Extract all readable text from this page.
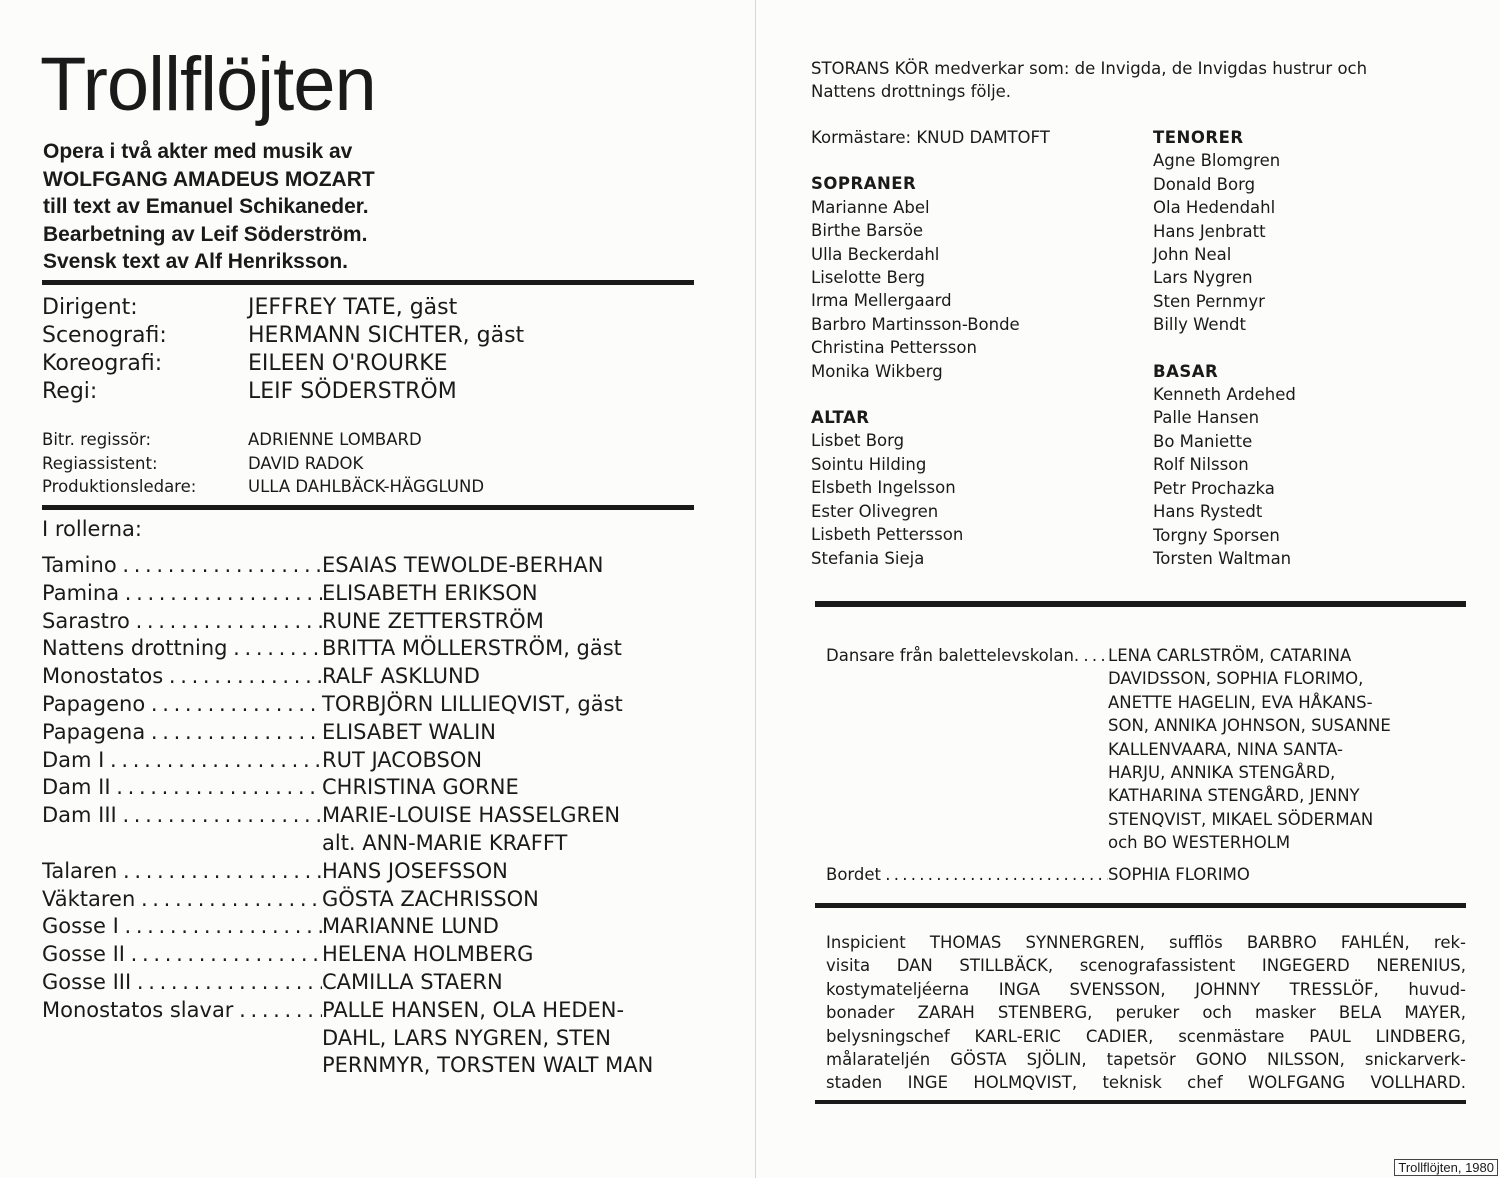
Trollflöjten
Opera i två akter med musik av
WOLFGANG AMADEUS MOZART
till text av Emanuel Schikaneder.
Bearbetning av Leif Söderström.
Svensk text av Alf Henriksson.
Dirigent:	JEFFREY TATE, gäst
Scenografi:	HERMANN SICHTER, gäst
Koreografi:	EILEEN O'ROURKE
Regi:	LEIF SÖDERSTRÖM
Bitr. regissör:	ADRIENNE LOMBARD
Regiassistent:	DAVID RADOK
Produktionsledare:	ULLA DAHLBÄCK-HÄGGLUND
I rollerna:
Tamino . . .	ESAIAS TEWOLDE-BERHAN
Pamina . . .	ELISABETH ERIKSON
Sarastro . . .	RUNE ZETTERSTRÖM
Nattens drottning . . .	BRITTA MÖLLERSTRÖM, gäst
Monostatos . . .	RALF ASKLUND
Papageno . . .	TORBJÖRN LILLIEQVIST, gäst
Papagena . . .	ELISABET WALIN
Dam I . . .	RUT JACOBSON
Dam II . . .	CHRISTINA GORNE
Dam III . . .	MARIE-LOUISE HASSELGREN
alt. ANN-MARIE KRAFFT
Talaren . . .	HANS JOSEFSSON
Väktaren . . .	GÖSTA ZACHRISSON
Gosse I . . .	MARIANNE LUND
Gosse II . . .	HELENA HOLMBERG
Gosse III . . .	CAMILLA STAERN
Monostatos slavar . . .	PALLE HANSEN, OLA HEDEN-
DAHL, LARS NYGREN, STEN
PERNMYR, TORSTEN WALT MAN
STORANS KÖR medverkar som: de Invigda, de Invigdas hustrur och
Nattens drottnings följe.
Kormästare: KNUD DAMTOFT
SOPRANER
Marianne Abel
Birthe Barsöe
Ulla Beckerdahl
Liselotte Berg
Irma Mellergaard
Barbro Martinsson-Bonde
Christina Pettersson
Monika Wikberg
ALTAR
Lisbet Borg
Sointu Hilding
Elsbeth Ingelsson
Ester Olivegren
Lisbeth Pettersson
Stefania Sieja
TENORER
Agne Blomgren
Donald Borg
Ola Hedendahl
Hans Jenbratt
John Neal
Lars Nygren
Sten Pernmyr
Billy Wendt
BASAR
Kenneth Ardehed
Palle Hansen
Bo Maniette
Rolf Nilsson
Petr Prochazka
Hans Rystedt
Torgny Sporsen
Torsten Waltman
Dansare från balettelevskolan. . . .	LENA CARLSTRÖM, CATARINA
DAVIDSSON, SOPHIA FLORIMO,
ANETTE HAGELIN, EVA HÅKANS-
SON, ANNIKA JOHNSON, SUSANNE
KALLENVAARA, NINA SANTA-
HARJU, ANNIKA STENGÅRD,
KATHARINA STENGÅRD, JENNY
STENQVIST, MIKAEL SÖDERMAN
och BO WESTERHOLM
Bordet . . .	SOPHIA FLORIMO
Inspicient THOMAS SYNNERGREN, sufflös BARBRO FAHLÉN, rek-
visita DAN STILLBÄCK, scenografassistent INGEGERD NERENIUS,
kostymateljéerna INGA SVENSSON, JOHNNY TRESSLÖF, huvud-
bonader ZARAH STENBERG, peruker och masker BELA MAYER,
belysningschef KARL-ERIC CADIER, scenmästare PAUL LINDBERG,
målarateljén GÖSTA SJÖLIN, tapetsör GONO NILSSON, snickarverk-
staden INGE HOLMQVIST, teknisk chef WOLFGANG VOLLHARD.
Trollflöjten, 1980
